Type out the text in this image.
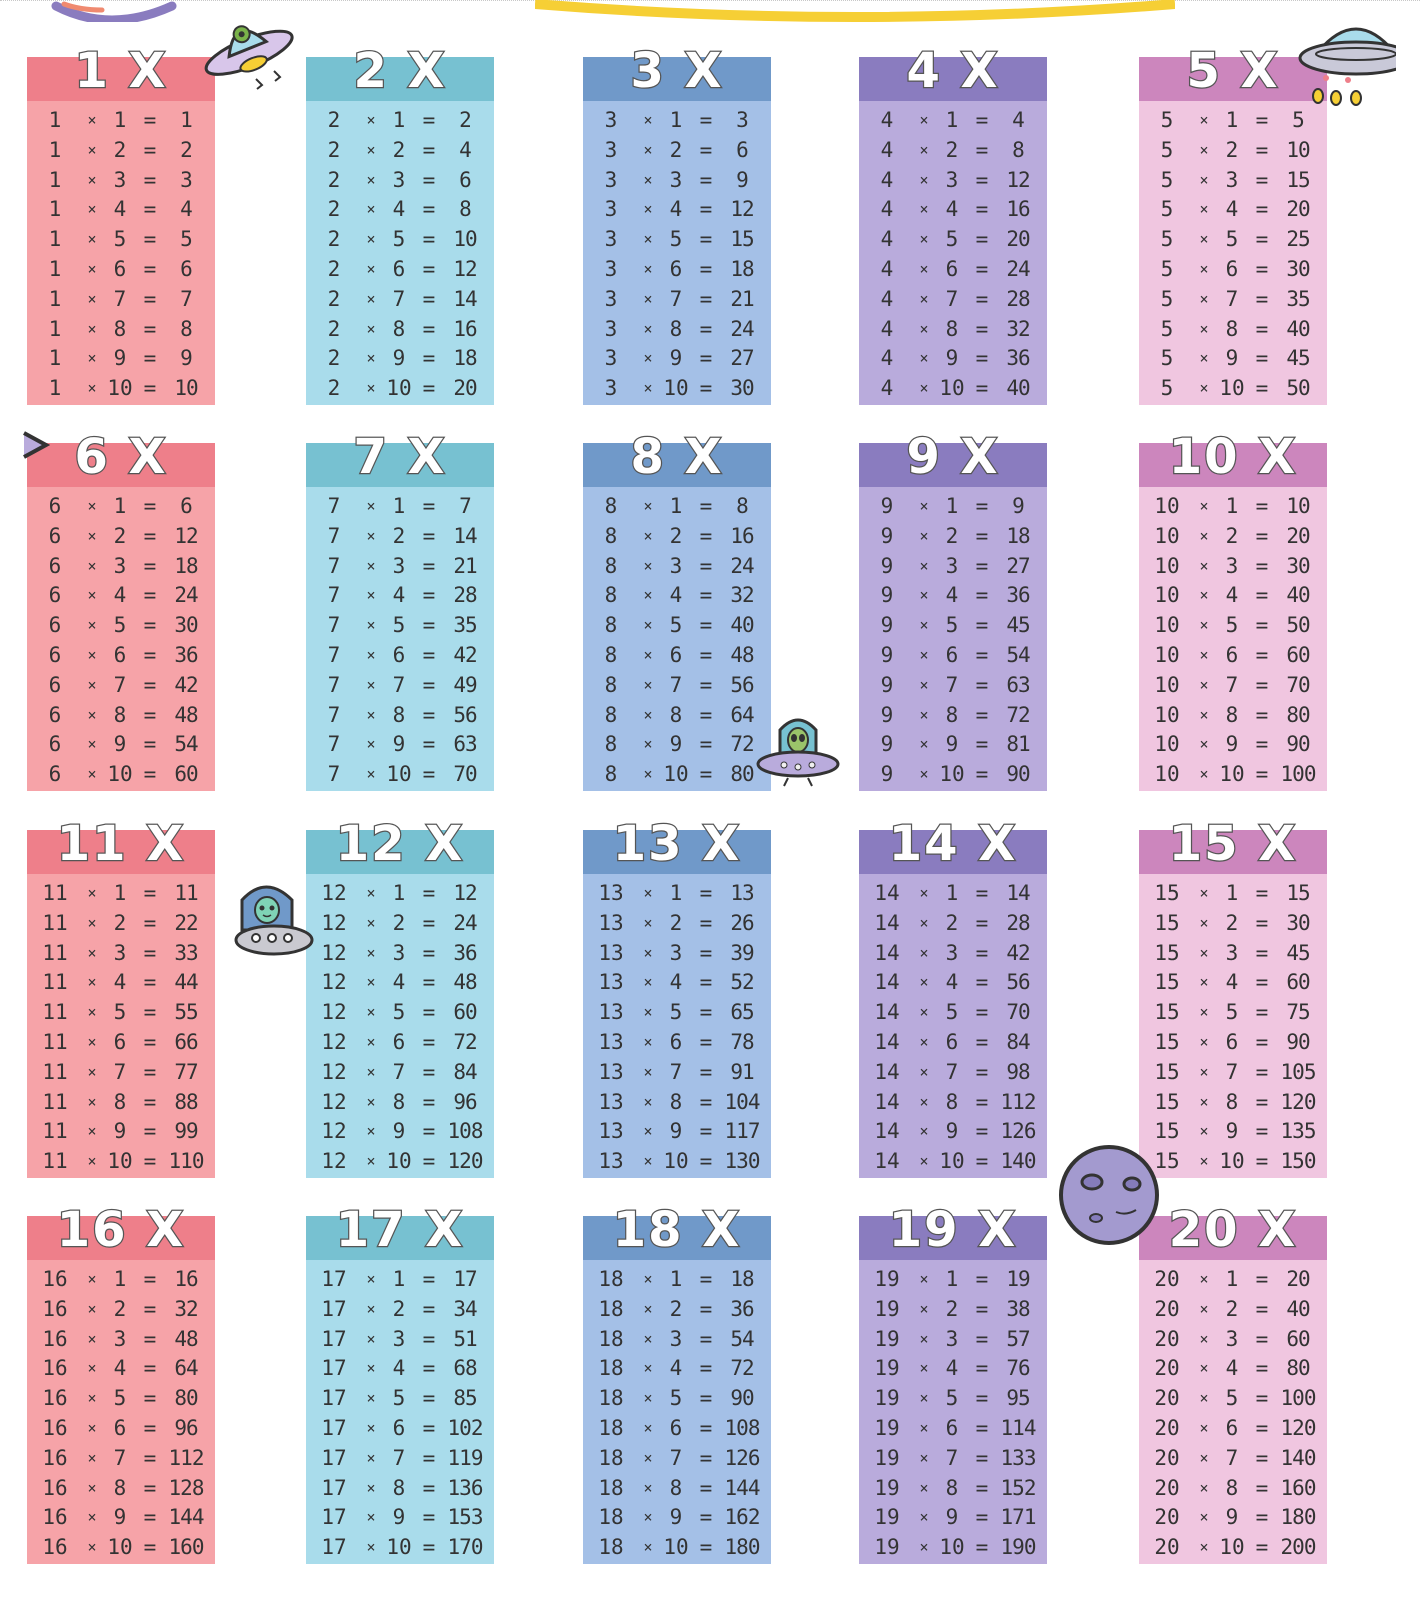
1	× 1 =	1
1	× 2 =	2
1	× 3 =	3
1	× 4 =	4
1	× 5 =	5
1	× 6 =	6
1	× 7 =	7
1	× 8 =	8
1	× 9 =	9
1	× 10 = 10
1 X
2	× 1 =	2
2	× 2 =	4
2	× 3 =	6
2	× 4 =	8
2	× 5 = 10
2	× 6 = 12
2	× 7 = 14
2	× 8 = 16
2	× 9 = 18
2	× 10 = 20
2 X
3	× 1 =	3
3	× 2 =	6
3	× 3 =	9
3	× 4 = 12
3	× 5 = 15
3	× 6 = 18
3	× 7 = 21
3	× 8 = 24
3	× 9 = 27
3	× 10 = 30
3 X
4	× 1 =	4
4	× 2 =	8
4	× 3 = 12
4	× 4 = 16
4	× 5 = 20
4	× 6 = 24
4	× 7 = 28
4	× 8 = 32
4	× 9 = 36
4	× 10 = 40
4 X
5	× 1 =	5
5	× 2 = 10
5	× 3 = 15
5	× 4 = 20
5	× 5 = 25
5	× 6 = 30
5	× 7 = 35
5	× 8 = 40
5	× 9 = 45
5	× 10 = 50
5 X
6	× 1 =	6
6	× 2 = 12
6	× 3 = 18
6	× 4 = 24
6	× 5 = 30
6	× 6 = 36
6	× 7 = 42
6	× 8 = 48
6	× 9 = 54
6	× 10 = 60
6 X
7	× 1 =	7
7	× 2 = 14
7	× 3 = 21
7	× 4 = 28
7	× 5 = 35
7	× 6 = 42
7	× 7 = 49
7	× 8 = 56
7	× 9 = 63
7	× 10 = 70
7 X
8	× 1 =	8
8	× 2 = 16
8	× 3 = 24
8	× 4 = 32
8	× 5 = 40
8	× 6 = 48
8	× 7 = 56
8	× 8 = 64
8	× 9 = 72
8	× 10 = 80
8 X
9	× 1 =	9
9	× 2 = 18
9	× 3 = 27
9	× 4 = 36
9	× 5 = 45
9	× 6 = 54
9	× 7 = 63
9	× 8 = 72
9	× 9 = 81
9	× 10 = 90
9 X
10	× 1 = 10
10	× 2 = 20
10	× 3 = 30
10	× 4 = 40
10	× 5 = 50
10	× 6 = 60
10	× 7 = 70
10	× 8 = 80
10	× 9 = 90
10	× 10 = 100
10 X
11	× 1 = 11
11	× 2 = 22
11	× 3 = 33
11	× 4 = 44
11	× 5 = 55
11	× 6 = 66
11	× 7 = 77
11	× 8 = 88
11	× 9 = 99
11	× 10 = 110
11 X
12	× 1 = 12
12	× 2 = 24
12	× 3 = 36
12	× 4 = 48
12	× 5 = 60
12	× 6 = 72
12	× 7 = 84
12	× 8 = 96
12	× 9 = 108
12	× 10 = 120
12 X
13	× 1 = 13
13	× 2 = 26
13	× 3 = 39
13	× 4 = 52
13	× 5 = 65
13	× 6 = 78
13	× 7 = 91
13	× 8 = 104
13	× 9 = 117
13	× 10 = 130
13 X
14	× 1 = 14
14	× 2 = 28
14	× 3 = 42
14	× 4 = 56
14	× 5 = 70
14	× 6 = 84
14	× 7 = 98
14	× 8 = 112
14	× 9 = 126
14	× 10 = 140
14 X
15	× 1 = 15
15	× 2 = 30
15	× 3 = 45
15	× 4 = 60
15	× 5 = 75
15	× 6 = 90
15	× 7 = 105
15	× 8 = 120
15	× 9 = 135
15	× 10 = 150
15 X
16	× 1 = 16
16	× 2 = 32
16	× 3 = 48
16	× 4 = 64
16	× 5 = 80
16	× 6 = 96
16	× 7 = 112
16	× 8 = 128
16	× 9 = 144
16	× 10 = 160
16 X
17	× 1 = 17
17	× 2 = 34
17	× 3 = 51
17	× 4 = 68
17	× 5 = 85
17	× 6 = 102
17	× 7 = 119
17	× 8 = 136
17	× 9 = 153
17	× 10 = 170
17 X
18	× 1 = 18
18	× 2 = 36
18	× 3 = 54
18	× 4 = 72
18	× 5 = 90
18	× 6 = 108
18	× 7 = 126
18	× 8 = 144
18	× 9 = 162
18	× 10 = 180
18 X
19	× 1 = 19
19	× 2 = 38
19	× 3 = 57
19	× 4 = 76
19	× 5 = 95
19	× 6 = 114
19	× 7 = 133
19	× 8 = 152
19	× 9 = 171
19	× 10 = 190
19 X
20	× 1 = 20
20	× 2 = 40
20	× 3 = 60
20	× 4 = 80
20	× 5 = 100
20	× 6 = 120
20	× 7 = 140
20	× 8 = 160
20	× 9 = 180
20	× 10 = 200
20 X
